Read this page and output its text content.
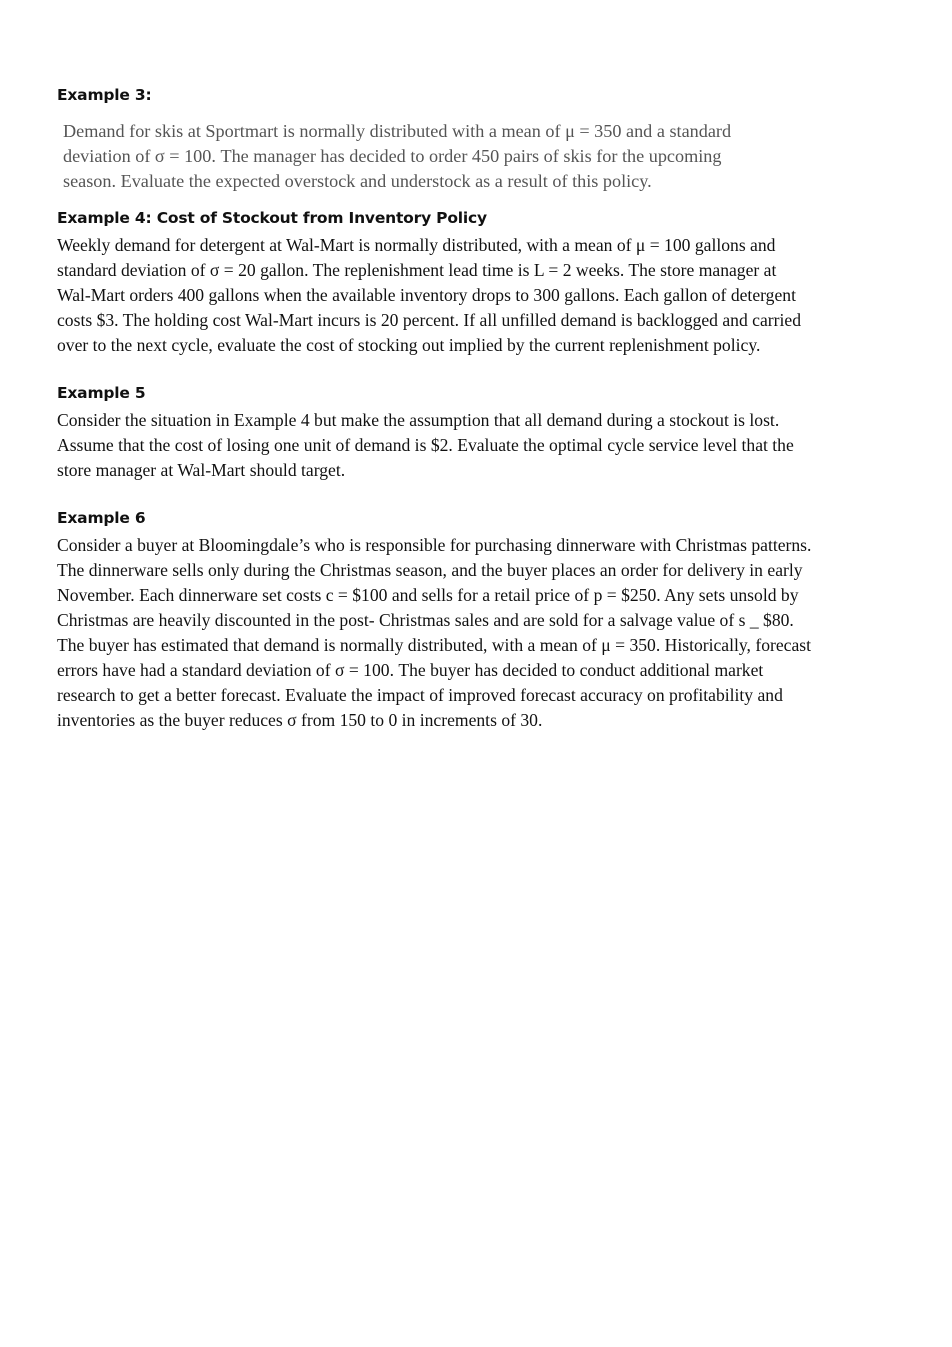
Example 3:
Demand for skis at Sportmart is normally distributed with a mean of μ = 350 and a standard
deviation of σ = 100. The manager has decided to order 450 pairs of skis for the upcoming
season. Evaluate the expected overstock and understock as a result of this policy.
Example 4: Cost of Stockout from Inventory Policy
Weekly demand for detergent at Wal-Mart is normally distributed, with a mean of μ = 100 gallons and
standard deviation of σ = 20 gallon. The replenishment lead time is L = 2 weeks. The store manager at
Wal-Mart orders 400 gallons when the available inventory drops to 300 gallons. Each gallon of detergent
costs $3. The holding cost Wal-Mart incurs is 20 percent. If all unfilled demand is backlogged and carried
over to the next cycle, evaluate the cost of stocking out implied by the current replenishment policy.
Example 5
Consider the situation in Example 4 but make the assumption that all demand during a stockout is lost.
Assume that the cost of losing one unit of demand is $2. Evaluate the optimal cycle service level that the
store manager at Wal-Mart should target.
Example 6
Consider a buyer at Bloomingdale’s who is responsible for purchasing dinnerware with Christmas patterns.
The dinnerware sells only during the Christmas season, and the buyer places an order for delivery in early
November. Each dinnerware set costs c = $100 and sells for a retail price of p = $250. Any sets unsold by
Christmas are heavily discounted in the post- Christmas sales and are sold for a salvage value of s _ $80.
The buyer has estimated that demand is normally distributed, with a mean of μ = 350. Historically, forecast
errors have had a standard deviation of σ = 100. The buyer has decided to conduct additional market
research to get a better forecast. Evaluate the impact of improved forecast accuracy on profitability and
inventories as the buyer reduces σ from 150 to 0 in increments of 30.
